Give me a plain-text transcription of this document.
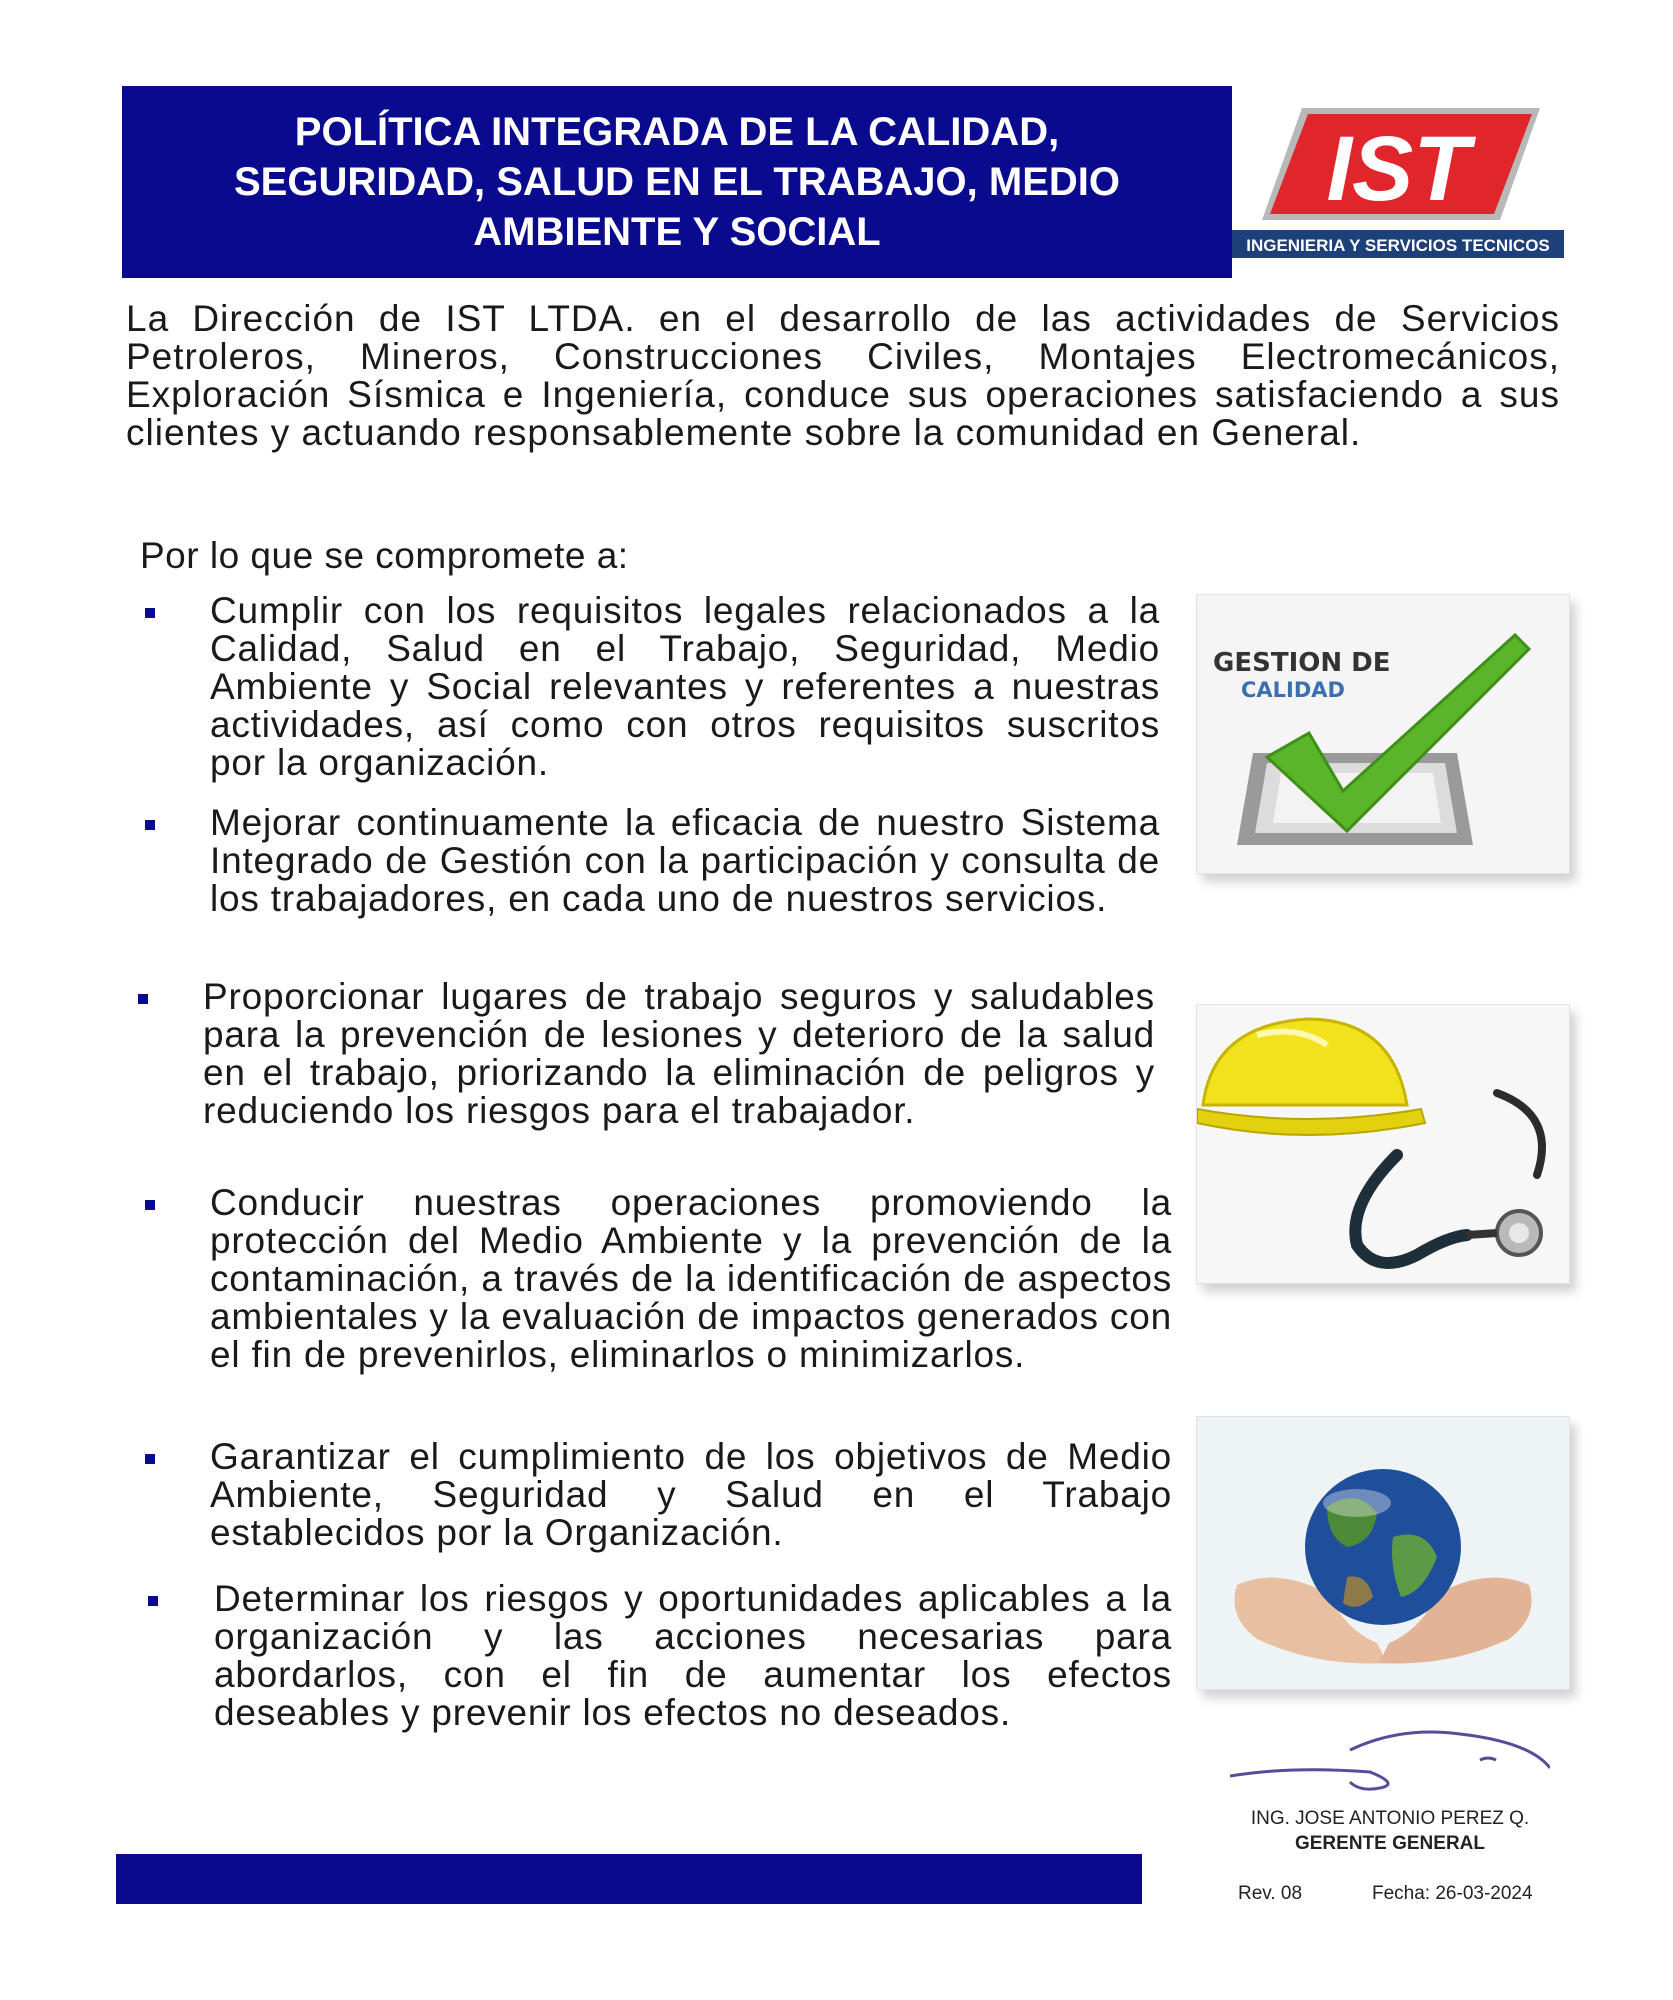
POLÍTICA INTEGRADA DE LA CALIDAD,
SEGURIDAD, SALUD EN EL TRABAJO, MEDIO
AMBIENTE Y SOCIAL
IST
INGENIERIA Y SERVICIOS TECNICOS
La Dirección de IST LTDA. en el desarrollo de las actividades de Servicios Petroleros, Mineros, Construcciones Civiles, Montajes Electromecánicos, Exploración Sísmica e Ingeniería, conduce sus operaciones satisfaciendo a sus clientes y actuando responsablemente sobre la comunidad en General.
Por lo que se compromete a:
Cumplir con los requisitos legales relacionados a la Calidad, Salud en el Trabajo, Seguridad, Medio Ambiente y Social relevantes y referentes a nuestras actividades, así como con otros requisitos suscritos por la organización.
Mejorar continuamente la eficacia de nuestro Sistema Integrado de Gestión con la participación y consulta de los trabajadores, en cada uno de nuestros servicios.
Proporcionar lugares de trabajo seguros y saludables para la prevención de lesiones y deterioro de la salud en el trabajo, priorizando la eliminación de peligros y reduciendo los riesgos para el trabajador.
Conducir nuestras operaciones promoviendo la protección del Medio Ambiente y la prevención de la contaminación, a través de la identificación de aspectos ambientales y la evaluación de impactos generados con el fin de prevenirlos, eliminarlos o minimizarlos.
Garantizar el cumplimiento de los objetivos de Medio Ambiente, Seguridad y Salud en el Trabajo establecidos por la Organización.
Determinar los riesgos y oportunidades aplicables a la organización y las acciones necesarias para abordarlos, con el fin de aumentar los efectos deseables y prevenir los efectos no deseados.
GESTION DE
CALIDAD
ING. JOSE ANTONIO PEREZ Q.
GERENTE GENERAL
Rev. 08	Fecha: 26-03-2024
